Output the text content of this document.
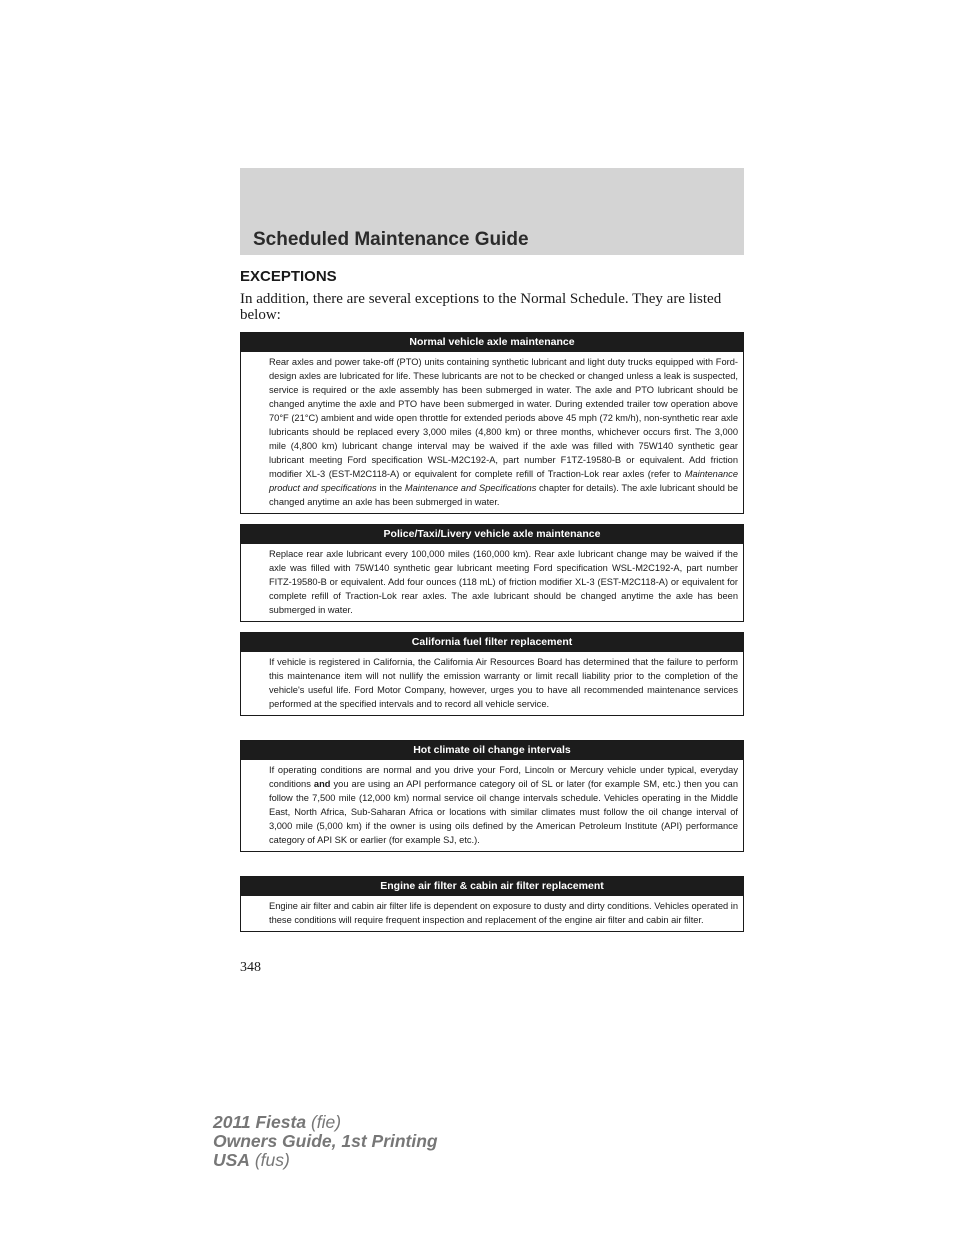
Scheduled Maintenance Guide
EXCEPTIONS

In addition, there are several exceptions to the Normal Schedule. They are listed below:

Normal vehicle axle maintenance

Rear axles and power take-off (PTO) units containing synthetic lubricant and light duty trucks equipped with Ford-design axles are lubricated for life. These lubricants are not to be checked or changed unless a leak is suspected, service is required or the axle assembly has been submerged in water. The axle and PTO lubricant should be changed anytime the axle and PTO have been submerged in water. During extended trailer tow operation above 70°F (21°C) ambient and wide open throttle for extended periods above 45 mph (72 km/h), non-synthetic rear axle lubricants should be replaced every 3,000 miles (4,800 km) or three months, whichever occurs first. The 3,000 mile (4,800 km) lubricant change interval may be waived if the axle was filled with 75W140 synthetic gear lubricant meeting Ford specification WSL-M2C192-A, part number F1TZ-19580-B or equivalent. Add friction modifier XL-3 (EST-M2C118-A) or equivalent for complete refill of Traction-Lok rear axles (refer to Maintenance product and specifications in the Maintenance and Specifications chapter for details). The axle lubricant should be changed anytime an axle has been submerged in water.

Police/Taxi/Livery vehicle axle maintenance

Replace rear axle lubricant every 100,000 miles (160,000 km). Rear axle lubricant change may be waived if the axle was filled with 75W140 synthetic gear lubricant meeting Ford specification WSL-M2C192-A, part number FITZ-19580-B or equivalent. Add four ounces (118 mL) of friction modifier XL-3 (EST-M2C118-A) or equivalent for complete refill of Traction-Lok rear axles. The axle lubricant should be changed anytime the axle has been submerged in water.

California fuel filter replacement

If vehicle is registered in California, the California Air Resources Board has determined that the failure to perform this maintenance item will not nullify the emission warranty or limit recall liability prior to the completion of the vehicle's useful life. Ford Motor Company, however, urges you to have all recommended maintenance services performed at the specified intervals and to record all vehicle service.

Hot climate oil change intervals

If operating conditions are normal and you drive your Ford, Lincoln or Mercury vehicle under typical, everyday conditions and you are using an API performance category oil of SL or later (for example SM, etc.) then you can follow the 7,500 mile (12,000 km) normal service oil change intervals schedule. Vehicles operating in the Middle East, North Africa, Sub-Saharan Africa or locations with similar climates must follow the oil change interval of 3,000 mile (5,000 km) if the owner is using oils defined by the American Petroleum Institute (API) performance category of API SK or earlier (for example SJ, etc.).

Engine air filter & cabin air filter replacement

Engine air filter and cabin air filter life is dependent on exposure to dusty and dirty conditions. Vehicles operated in these conditions will require frequent inspection and replacement of the engine air filter and cabin air filter.

348

2011 Fiesta (fie)
Owners Guide, 1st Printing
USA (fus)
